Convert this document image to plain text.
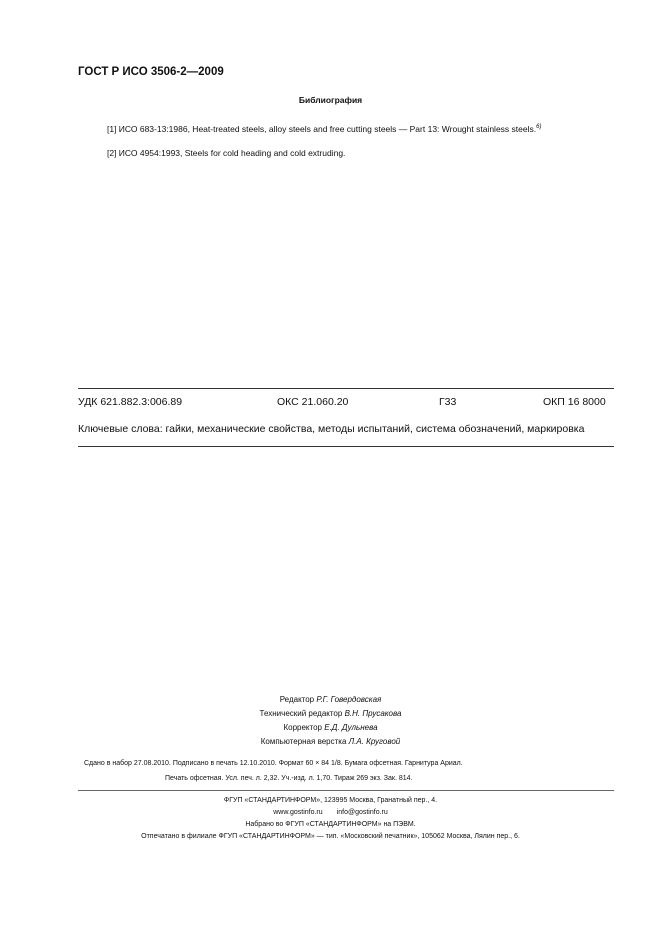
ГОСТ Р ИСО 3506-2—2009
Библиография
[1] ИСО 683-13:1986, Heat-treated steels, alloy steels and free cutting steels — Part 13: Wrought stainless steels.$^{6)}$
[2] ИСО 4954:1993, Steels for cold heading and cold extruding.
УДК 621.882.3:006.89	ОКС 21.060.20	Г33	ОКП 16 8000
Ключевые слова: гайки, механические свойства, методы испытаний, система обозначений, маркировка
Редактор Р.Г. Говердовская
Технический редактор В.Н. Прусакова
Корректор Е.Д. Дульнева
Компьютерная верстка Л.А. Круговой
Сдано в набор 27.08.2010. Подписано в печать 12.10.2010. Формат 60 × 84 1/8. Бумага офсетная. Гарнитура Ариал.
Печать офсетная. Усл. печ. л. 2,32. Уч.-изд. л. 1,70. Тираж 269 экз. Зак. 814.
ФГУП «СТАНДАРТИНФОРМ», 123995 Москва, Гранатный пер., 4.
www.gostinfo.ru info@gostinfo.ru
Набрано во ФГУП «СТАНДАРТИНФОРМ» на ПЭВМ.
Отпечатано в филиале ФГУП «СТАНДАРТИНФОРМ» — тип. «Московский печатник», 105062 Москва, Лялин пер., 6.
